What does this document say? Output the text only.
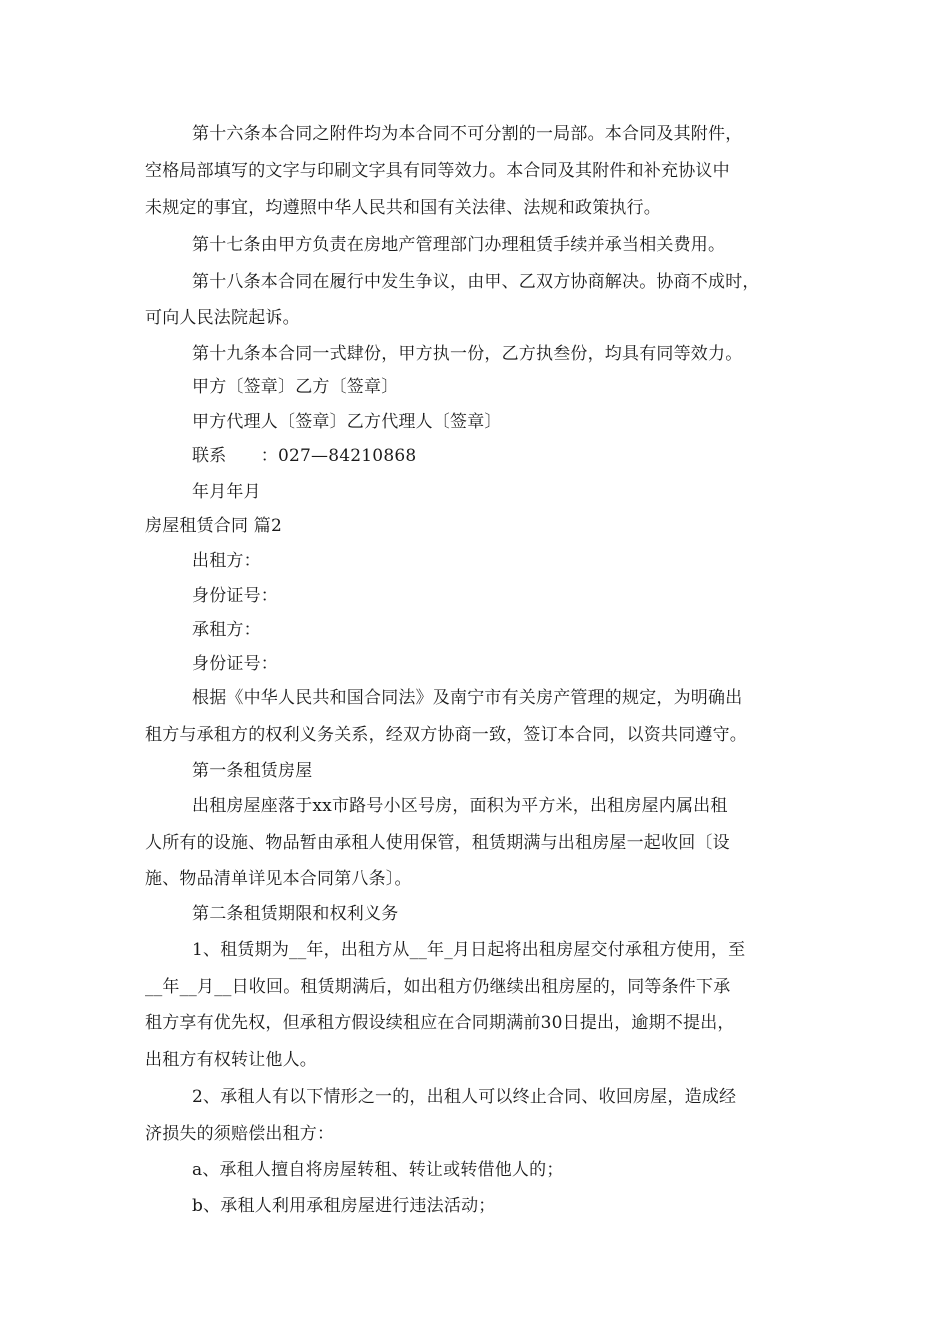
第十六条本合同之附件均为本合同不可分割的一局部。本合同及其附件，
空格局部填写的文字与印刷文字具有同等效力。本合同及其附件和补充协议中
未规定的事宜，均遵照中华人民共和国有关法律、法规和政策执行。
第十七条由甲方负责在房地产管理部门办理租赁手续并承当相关费用。
第十八条本合同在履行中发生争议，由甲、乙双方协商解决。协商不成时，
可向人民法院起诉。
第十九条本合同一式肆份，甲方执一份，乙方执叁份，均具有同等效力。
甲方〔签章〕乙方〔签章〕
甲方代理人〔签章〕乙方代理人〔签章〕
联系　　：027—84210868
年月年月
房屋租赁合同 篇2
出租方：
身份证号：
承租方：
身份证号：
根据《中华人民共和国合同法》及南宁市有关房产管理的规定，为明确出
租方与承租方的权利义务关系，经双方协商一致，签订本合同，以资共同遵守。
第一条租赁房屋
出租房屋座落于xx市路号小区号房，面积为平方米，出租房屋内属出租
人所有的设施、物品暂由承租人使用保管，租赁期满与出租房屋一起收回〔设
施、物品清单详见本合同第八条〕。
第二条租赁期限和权利义务
1、租赁期为__年，出租方从__年_月日起将出租房屋交付承租方使用，至
__年__月__日收回。租赁期满后，如出租方仍继续出租房屋的，同等条件下承
租方享有优先权，但承租方假设续租应在合同期满前30日提出，逾期不提出，
出租方有权转让他人。
2、承租人有以下情形之一的，出租人可以终止合同、收回房屋，造成经
济损失的须赔偿出租方：
a、承租人擅自将房屋转租、转让或转借他人的；
b、承租人利用承租房屋进行违法活动；
